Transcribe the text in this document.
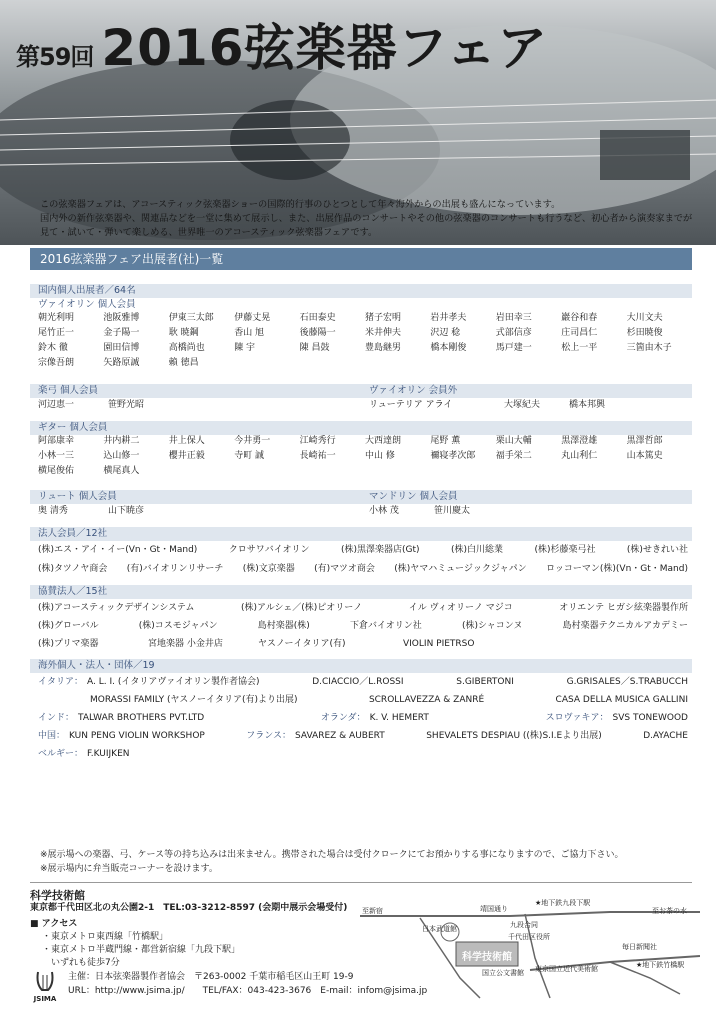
第59回 2016弦楽器フェア
この弦楽器フェアは、アコースティック弦楽器ショーの国際的行事のひとつとして年々海外からの出展も盛んになっています。
国内外の新作弦楽器や、関連品などを一堂に集めて展示し、また、出展作品のコンサートやその他の弦楽器のコンサートも行うなど、初心者から演奏家までが
見て・試いて・弾いて楽しめる、世界唯一のアコースティック弦楽器フェアです。
2016弦楽器フェア出展者(社)一覧
国内個人出展者／64名
ヴァイオリン 個人会員
朝光利明	池阪雅博	伊東三太郎	伊藤丈晃	石田泰史	猪子宏明	岩井孝夫	岩田幸三	巖谷和春	大川文夫
尾竹正一	金子陽一	耿 暁鋼	香山 旭	後藤陽一	米井伸夫	沢辺 稔	式部信彦	庄司昌仁	杉田暁俊
鈴木 徹	園田信博	高橋尚也	陳 宇	陳 昌鼓	豊島継男	橋本剛俊	馬戸建一	松上一平	三箇由木子
宗像吾朗	矢路原誠	賴 徳昌
楽弓 個人会員
河辺恵一	笹野光昭
ヴァイオリン 会員外
リューテリア アライ	大塚紀夫	橋本邦興
ギター 個人会員
阿部康幸	井内耕二	井上保人	今井勇一	江崎秀行	大西達朗	尾野 薫	栗山大輔	黒澤澄雄	黒澤哲郎
小林一三	込山修一	櫻井正毅	寺町 誠	長崎祐一	中山 修	禰寝孝次郎	福手栄二	丸山利仁	山本篤史
横尾俊佑	横尾真人
リュート 個人会員
奥 清秀	山下暁彦
マンドリン 個人会員
小林 茂	笹川慶太
法人会員／12社
(株)エス・アイ・イー(Vn・Gt・Mand)	クロサワバイオリン	(株)黒澤楽器店(Gt)	(株)白川総業	(株)杉藤楽弓社	(株)せきれい社
(株)タツノヤ商会 (有)バイオリンリサーチ (株)文京楽器 (有)マツオ商会 (株)ヤマハミュージックジャパン ロッコーマン(株)(Vn・Gt・Mand)
協賛法人／15社
(株)アコースティックデザインシステム	(株)アルシェ／(株)ピオリーノ	イル ヴィオリーノ マジコ	オリエンテ ヒガシ絃楽器製作所
(株)グローバル	(株)コスモジャパン	島村楽器(株)	下倉バイオリン社	(株)シャコンヌ	島村楽器テクニカルアカデミー
(株)プリマ楽器	宮地楽器 小金井店	ヤスノーイタリア(有)	VIOLIN PIETRSO
海外個人・法人・団体／19
イタリア： A. L. I. (イタリアヴァイオリン製作者協会)	D.CIACCIO／L.ROSSI	S.GIBERTONI	G.GRISALES／S.TRABUCCH
MORASSI FAMILY (ヤスノーイタリア(有)より出展)	SCROLLAVEZZA & ZANRÉ	CASA DELLA MUSICA GALLINI
インド： TALWAR BROTHERS PVT.LTD	オランダ： K. V. HEMERT	スロヴァキア： SVS TONEWOOD
中国： KUN PENG VIOLIN WORKSHOP	フランス： SAVAREZ & AUBERT	SHEVALETS DESPIAU ((株)S.I.Eより出展)	D.AYACHE
ベルギー： F.KUIJKEN
※展示場への楽器、弓、ケース等の持ち込みは出来ません。携帯された場合は受付クロークにてお預かりする事になりますので、ご協力下さい。
※展示場内に弁当販売コーナーを設けます。
科学技術館
東京都千代田区北の丸公園2-1　TEL:03-3212-8597 (会期中展示会場受付)
■ アクセス
・東京メトロ東西線「竹橋駅」
・東京メトロ半蔵門線・都営新宿線「九段下駅」
　いずれも徒歩7分
JSIMA
主催：日本弦楽器製作者協会　〒263-0002 千葉市稲毛区山王町 19-9
URL：http://www.jsima.jp/　　TEL/FAX：043-423-3676　E-mail：infom@jsima.jp
★地下鉄九段下駅
至お茶の水
至新宿	靖国通り
九段合同
千代田区役所
日本武道館
科学技術館
毎日新聞社
国立公文書館 東京国立近代美術館	★地下鉄竹橋駅
